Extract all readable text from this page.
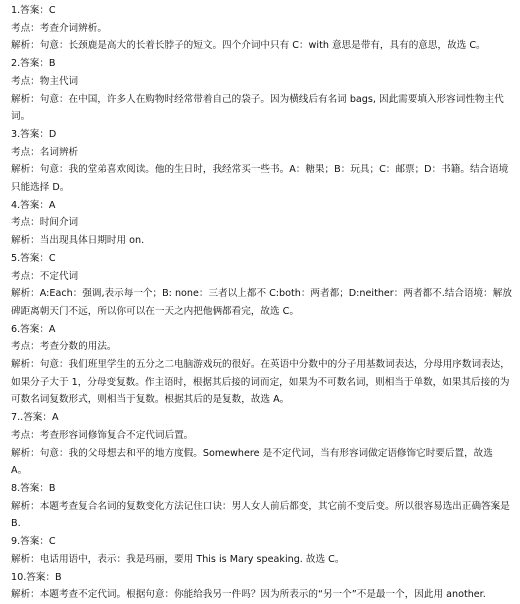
1.答案：C
考点：考查介词辨析。
解析：句意：长颈鹿是高大的长着长脖子的短文。四个介词中只有 C：with 意思是带有，具有的意思，故选 C。
2.答案：B
考点：物主代词
解析：句意：在中国，许多人在购物时经常带着自己的袋子。因为横线后有名词 bags, 因此需要填入形容词性物主代词。
3.答案：D
考点：名词辨析
解析：句意：我的堂弟喜欢阅读。他的生日时，我经常买一些书。A：糖果；B：玩具；C：邮票；D：书籍。结合语境只能选择 D。
4.答案：A
考点：时间介词
解析：当出现具体日期时用 on.
5.答案：C
考点：不定代词
解析：A:Each：强调,表示每一个；B: none：三者以上都不 C:both：两者都；D:neither：两者都不.结合语境：解放碑距离朝天门不远，所以你可以在一天之内把他俩都看完，故选 C。
6.答案：A
考点：考查分数的用法。
解析：句意：我们班里学生的五分之二电脑游戏玩的很好。在英语中分数中的分子用基数词表达，分母用序数词表达，如果分子大于 1，分母变复数。作主语时，根据其后接的词而定，如果为不可数名词，则相当于单数，如果其后接的为可数名词复数形式，则相当于复数。根据其后的是复数，故选 A。
7..答案：A
考点：考查形容词修饰复合不定代词后置。
解析：句意：我的父母想去和平的地方度假。Somewhere 是不定代词，当有形容词做定语修饰它时要后置，故选 A。
8.答案：B
解析：本题考查复合名词的复数变化方法记住口诀：男人女人前后都变，其它前不变后变。所以很容易选出正确答案是 B.
9.答案：C
解析：电话用语中，表示：我是玛丽，要用 This is Mary speaking. 故选 C。
10.答案：B
解析：本题考查不定代词。根据句意：你能给我另一件吗？因为所表示的“另一个”不是最一个，因此用 another.
